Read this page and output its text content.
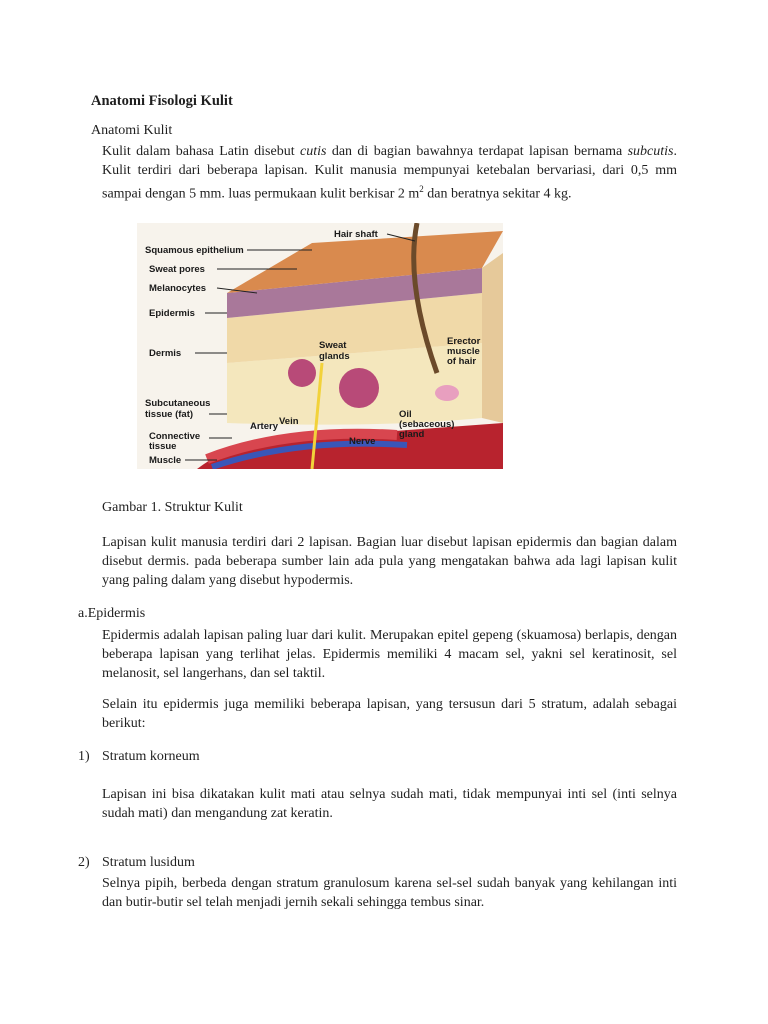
Anatomi Fisologi Kulit
Anatomi Kulit
Kulit dalam bahasa Latin disebut cutis dan di bagian bawahnya terdapat lapisan bernama subcutis. Kulit terdiri dari beberapa lapisan. Kulit manusia mempunyai ketebalan bervariasi, dari 0,5 mm sampai dengan 5 mm. luas permukaan kulit berkisar 2 $m^2$ dan beratnya sekitar 4 kg.
Squamous epithelium
Sweat pores
Melanocytes
Epidermis
Dermis
Subcutaneous
tissue (fat)
Connective
tissue
Muscle
Hair shaft
Sweat
glands
Erector
muscle
of hair
Artery Vein
Oil
(sebaceous)
gland
Nerve
Gambar 1. Struktur Kulit
Lapisan kulit manusia terdiri dari 2 lapisan. Bagian luar disebut lapisan epidermis dan bagian dalam disebut dermis. pada beberapa sumber lain ada pula yang mengatakan bahwa ada lagi lapisan kulit yang paling dalam yang disebut hypodermis.
a.Epidermis
Epidermis adalah lapisan paling luar dari kulit. Merupakan epitel gepeng (skuamosa) berlapis, dengan beberapa lapisan yang terlihat jelas. Epidermis memiliki 4 macam sel, yakni sel keratinosit, sel melanosit, sel langerhans, dan sel taktil.
Selain itu epidermis juga memiliki beberapa lapisan, yang tersusun dari 5 stratum, adalah sebagai berikut:
1) Stratum korneum
Lapisan ini bisa dikatakan kulit mati atau selnya sudah mati, tidak mempunyai inti sel (inti selnya sudah mati) dan mengandung zat keratin.
2) Stratum lusidum
Selnya pipih, berbeda dengan stratum granulosum karena sel-sel sudah banyak yang kehilangan inti dan butir-butir sel telah menjadi jernih sekali sehingga tembus sinar.
